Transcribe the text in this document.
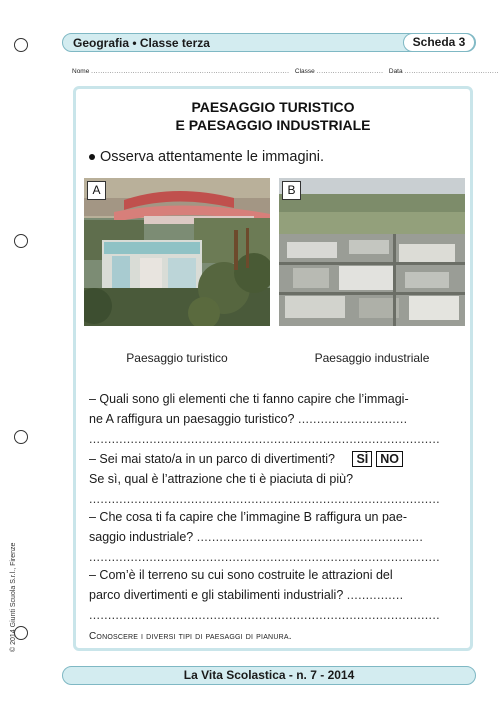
Geografia • Classe terza	Scheda 3
Nome ...................................................................................... Classe ............................. Data .........................................
PAESAGGIO TURISTICO
E PAESAGGIO INDUSTRIALE
Osserva attentamente le immagini.
A	B
Paesaggio turistico	Paesaggio industriale
– Quali sono gli elementi che ti fanno capire che l’immagi-
ne A raffigura un paesaggio turistico? .............................
.............................................................................................
– Sei mai stato/a in un parco di divertimenti? SÌ NO
Se sì, qual è l’attrazione che ti è piaciuta di più?
.............................................................................................
– Che cosa ti fa capire che l’immagine B raffigura un pae-
saggio industriale? ............................................................
.............................................................................................
– Com’è il terreno su cui sono costruite le attrazioni del
parco divertimenti e gli stabilimenti industriali? ...............
.............................................................................................
Conoscere i diversi tipi di paesaggi di pianura.
La Vita Scolastica - n. 7 - 2014
© 2014 Giunti Scuola S.r.l., Firenze
